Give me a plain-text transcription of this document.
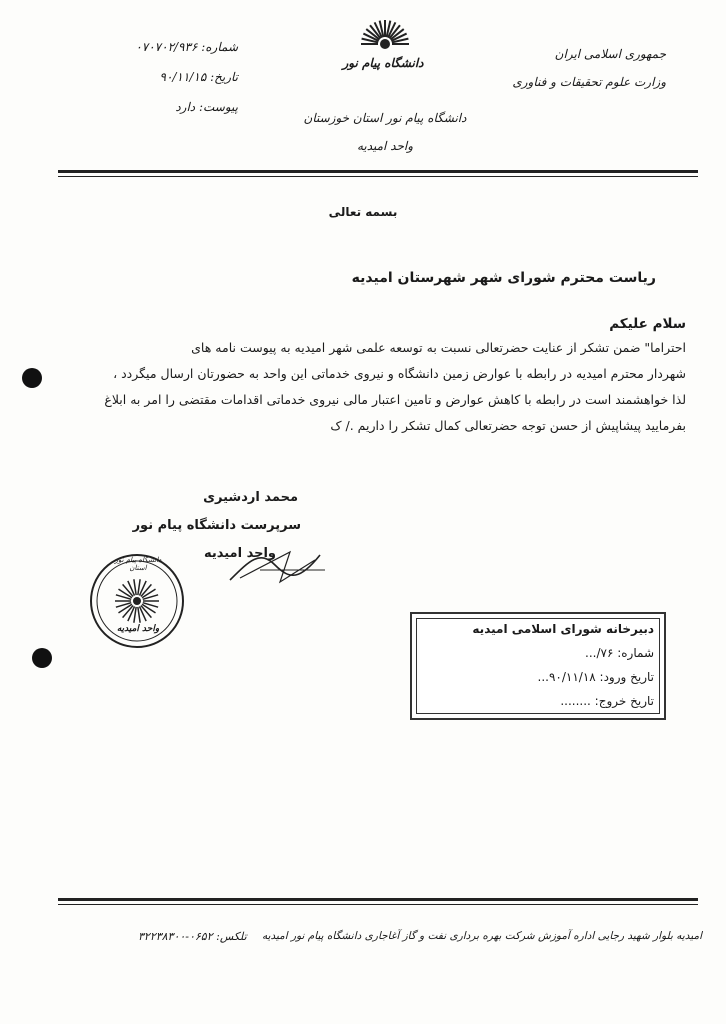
جمهوری اسلامی ایران
وزارت علوم تحقیقات و فناوری
دانشگاه پیام نور
دانشگاه پیام نور استان خوزستان
واحد امیدیه
شماره: ۰۷۰۷۰۲/۹۳۶
تاریخ: ۹۰/۱۱/۱۵
پیوست: دارد
بسمه تعالی
ریاست محترم شورای شهر شهرستان امیدیه
سلام علیکم
احتراما" ضمن تشکر از عنایت حضرتعالی نسبت به توسعه علمی شهر امیدیه به پیوست نامه های
شهردار محترم امیدیه در رابطه با عوارض زمین دانشگاه و نیروی خدماتی این واحد به حضورتان ارسال میگردد ،
لذا خواهشمند است در رابطه با کاهش عوارض و تامین اعتبار مالی نیروی خدماتی اقدامات مقتضی را امر به ابلاغ
بفرمایید پیشاپیش از حسن توجه حضرتعالی کمال تشکر را داریم ./ ک
محمد اردشیری
سرپرست دانشگاه پیام نور
واحد امیدیه
واحد امیدیه
دانشگاه پیام نور استان
دبیرخانه شورای اسلامی امیدیه
شماره: ۷۶/...
تاریخ ورود: ۹۰/۱۱/۱۸...
تاریخ خروج: ........
امیدیه بلوار شهید رجایی اداره آموزش شرکت بهره برداری نفت و گاز آغاجاری دانشگاه پیام نور امیدیه
تلکس: ۰۶۵۲-۳۲۲۳۸۳۰۰
